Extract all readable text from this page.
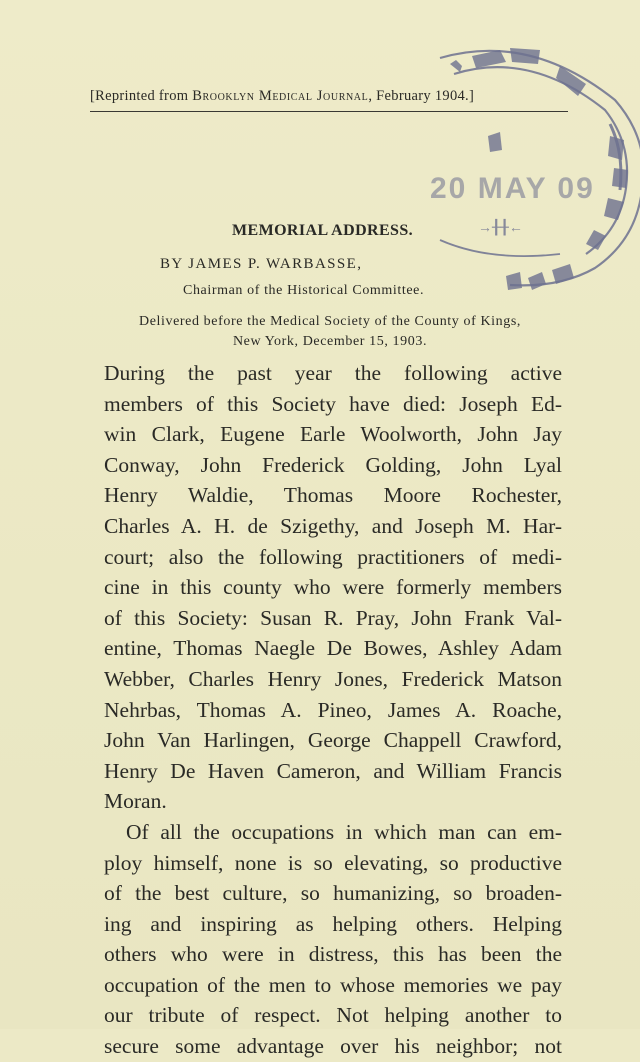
[Reprinted from Brooklyn Medical Journal, February 1904.]
20 MAY 09
→╂╂←
MEMORIAL ADDRESS.
BY JAMES P. WARBASSE,
Chairman of the Historical Committee.
Delivered before the Medical Society of the County of Kings,
New York, December 15, 1903.
During the past year the following active
members of this Society have died: Joseph Ed-
win Clark, Eugene Earle Woolworth, John Jay
Conway, John Frederick Golding, John Lyal
Henry Waldie, Thomas Moore Rochester,
Charles A. H. de Szigethy, and Joseph M. Har-
court; also the following practitioners of medi-
cine in this county who were formerly members
of this Society: Susan R. Pray, John Frank Val-
entine, Thomas Naegle De Bowes, Ashley Adam
Webber, Charles Henry Jones, Frederick Matson
Nehrbas, Thomas A. Pineo, James A. Roache,
John Van Harlingen, George Chappell Crawford,
Henry De Haven Cameron, and William Francis
Moran.
Of all the occupations in which man can em-
ploy himself, none is so elevating, so productive
of the best culture, so humanizing, so broaden-
ing and inspiring as helping others. Helping
others who were in distress, this has been the
occupation of the men to whose memories we pay
our tribute of respect. Not helping another to
secure some advantage over his neighbor; not
